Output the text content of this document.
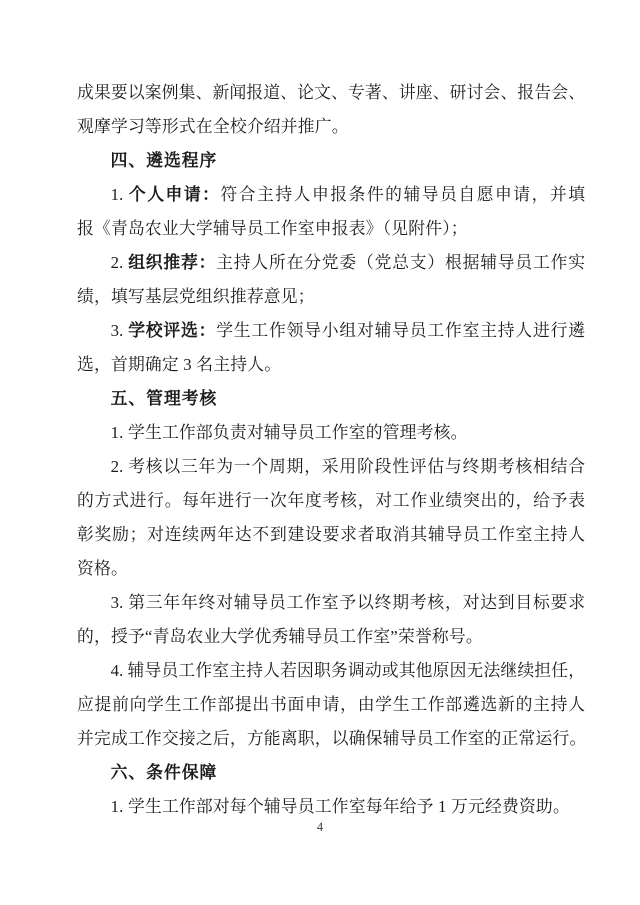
成果要以案例集、新闻报道、论文、专著、讲座、研讨会、报告会、
观摩学习等形式在全校介绍并推广。
四、遴选程序
1. 个人申请：符合主持人申报条件的辅导员自愿申请，并填
报《青岛农业大学辅导员工作室申报表》（见附件）；
2. 组织推荐：主持人所在分党委（党总支）根据辅导员工作实
绩，填写基层党组织推荐意见；
3. 学校评选：学生工作领导小组对辅导员工作室主持人进行遴
选，首期确定 3 名主持人。
五、管理考核
1. 学生工作部负责对辅导员工作室的管理考核。
2. 考核以三年为一个周期，采用阶段性评估与终期考核相结合
的方式进行。每年进行一次年度考核，对工作业绩突出的，给予表
彰奖励；对连续两年达不到建设要求者取消其辅导员工作室主持人
资格。
3. 第三年年终对辅导员工作室予以终期考核，对达到目标要求
的，授予“青岛农业大学优秀辅导员工作室”荣誉称号。
4. 辅导员工作室主持人若因职务调动或其他原因无法继续担任，
应提前向学生工作部提出书面申请，由学生工作部遴选新的主持人
并完成工作交接之后，方能离职，以确保辅导员工作室的正常运行。
六、条件保障
1. 学生工作部对每个辅导员工作室每年给予 1 万元经费资助。
4
